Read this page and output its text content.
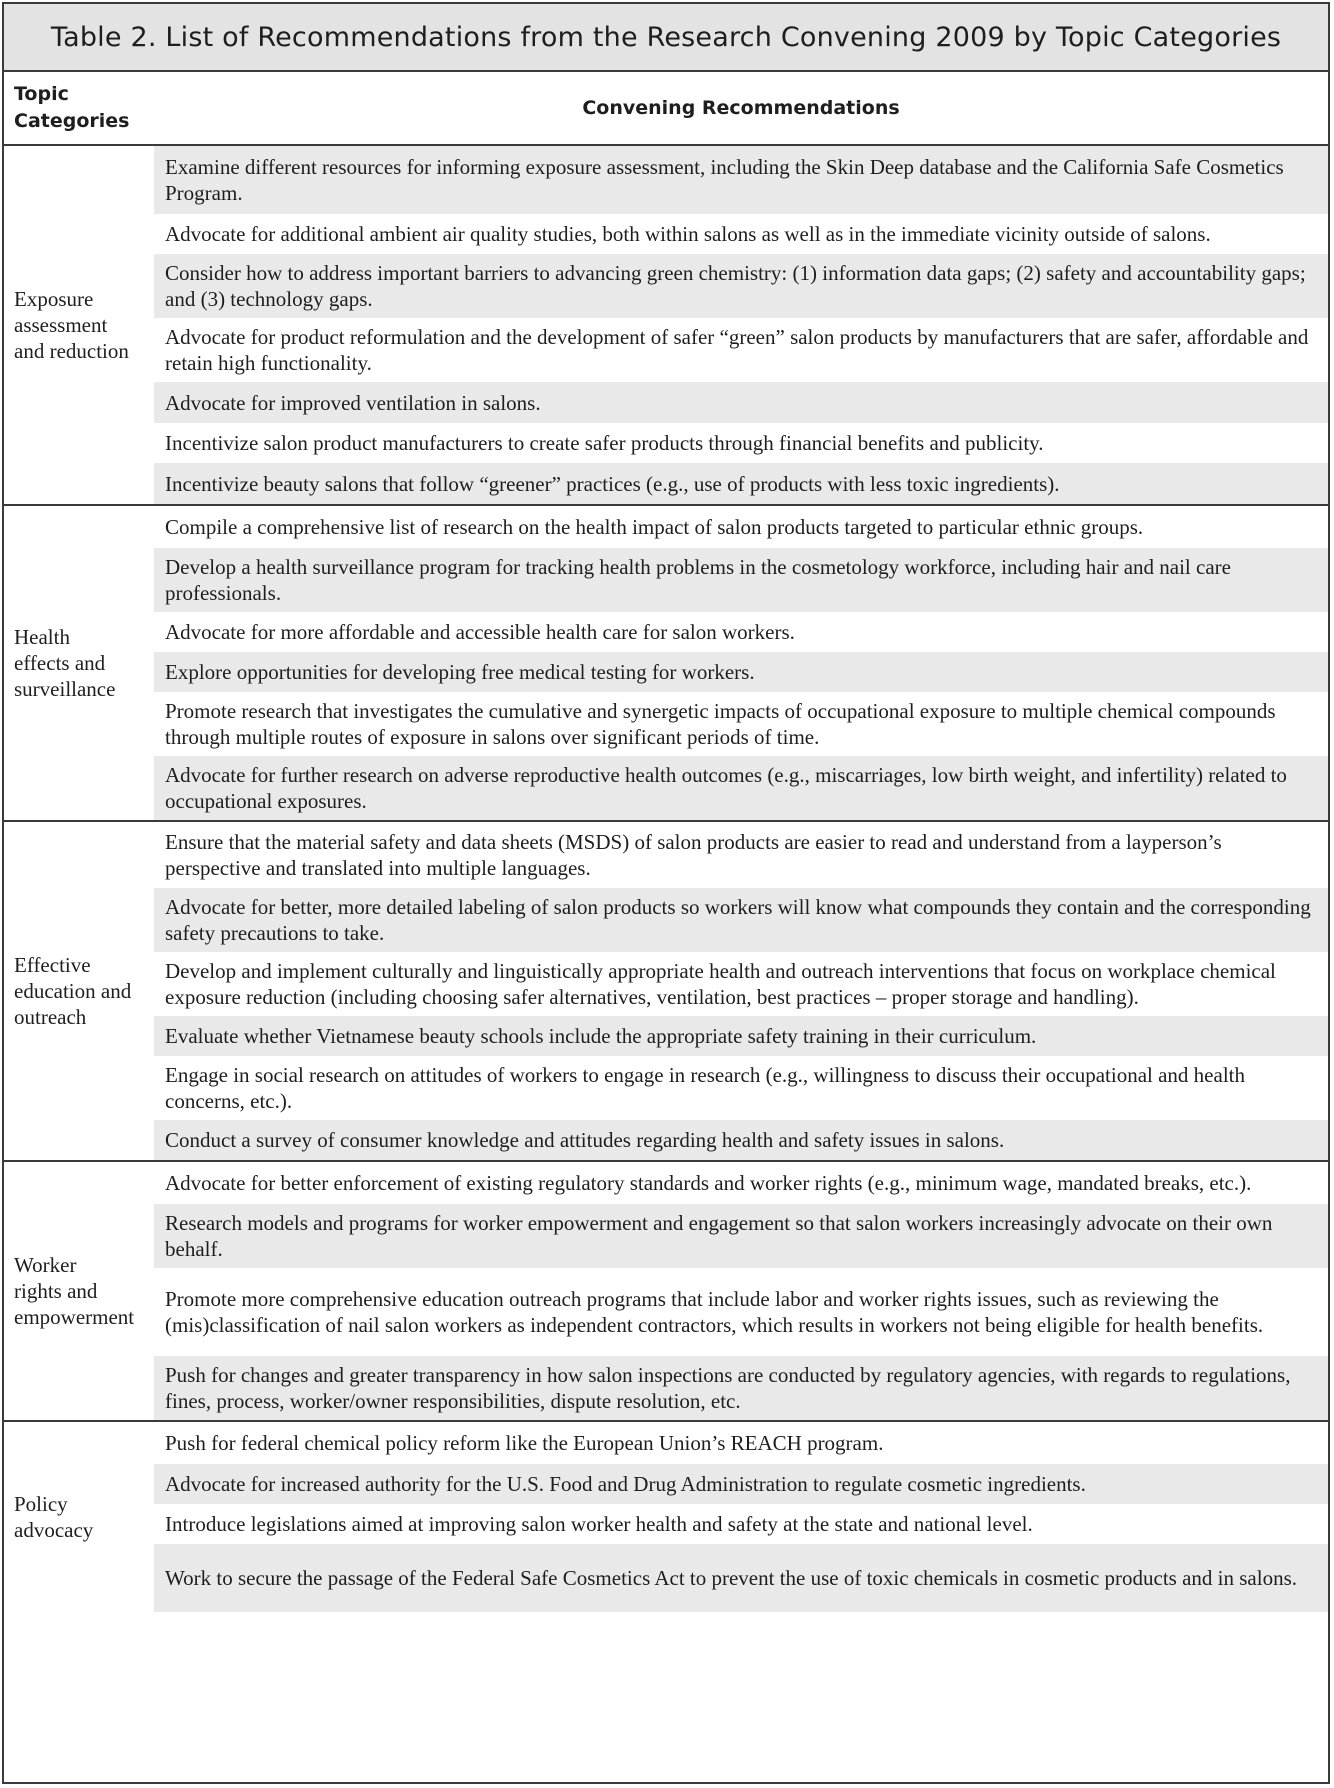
Table 2. List of Recommendations from the Research Convening 2009 by Topic Categories
Topic
Categories
Convening Recommendations
Exposure
assessment
and reduction
Examine different resources for informing exposure assessment, including the Skin Deep database and the California Safe Cosmetics Program.
Advocate for additional ambient air quality studies, both within salons as well as in the immediate vicinity outside of salons.
Consider how to address important barriers to advancing green chemistry: (1) information data gaps; (2) safety and accountability gaps; and (3) technology gaps.
Advocate for product reformulation and the development of safer “green” salon products by manufacturers that are safer, affordable and retain high functionality.
Advocate for improved ventilation in salons.
Incentivize salon product manufacturers to create safer products through financial benefits and publicity.
Incentivize beauty salons that follow “greener” practices (e.g., use of products with less toxic ingredients).
Health
effects and
surveillance
Compile a comprehensive list of research on the health impact of salon products targeted to particular ethnic groups.
Develop a health surveillance program for tracking health problems in the cosmetology workforce, including hair and nail care professionals.
Advocate for more affordable and accessible health care for salon workers.
Explore opportunities for developing free medical testing for workers.
Promote research that investigates the cumulative and synergetic impacts of occupational exposure to multiple chemical compounds through multiple routes of exposure in salons over significant periods of time.
Advocate for further research on adverse reproductive health outcomes (e.g., miscarriages, low birth weight, and infertility) related to occupational exposures.
Effective
education and
outreach
Ensure that the material safety and data sheets (MSDS) of salon products are easier to read and understand from a layperson’s perspective and translated into multiple languages.
Advocate for better, more detailed labeling of salon products so workers will know what compounds they contain and the corresponding safety precautions to take.
Develop and implement culturally and linguistically appropriate health and outreach interventions that focus on workplace chemical exposure reduction (including choosing safer alternatives, ventilation, best practices – proper storage and handling).
Evaluate whether Vietnamese beauty schools include the appropriate safety training in their curriculum.
Engage in social research on attitudes of workers to engage in research (e.g., willingness to discuss their occupational and health concerns, etc.).
Conduct a survey of consumer knowledge and attitudes regarding health and safety issues in salons.
Worker
rights and
empowerment
Advocate for better enforcement of existing regulatory standards and worker rights (e.g., minimum wage, mandated breaks, etc.).
Research models and programs for worker empowerment and engagement so that salon workers increasingly advocate on their own behalf.
Promote more comprehensive education outreach programs that include labor and worker rights issues, such as reviewing the (mis)classification of nail salon workers as independent contractors, which results in workers not being eligible for health benefits.
Push for changes and greater transparency in how salon inspections are conducted by regulatory agencies, with regards to regulations, fines, process, worker/owner responsibilities, dispute resolution, etc.
Policy
advocacy
Push for federal chemical policy reform like the European Union’s REACH program.
Advocate for increased authority for the U.S. Food and Drug Administration to regulate cosmetic ingredients.
Introduce legislations aimed at improving salon worker health and safety at the state and national level.
Work to secure the passage of the Federal Safe Cosmetics Act to prevent the use of toxic chemicals in cosmetic products and in salons.
